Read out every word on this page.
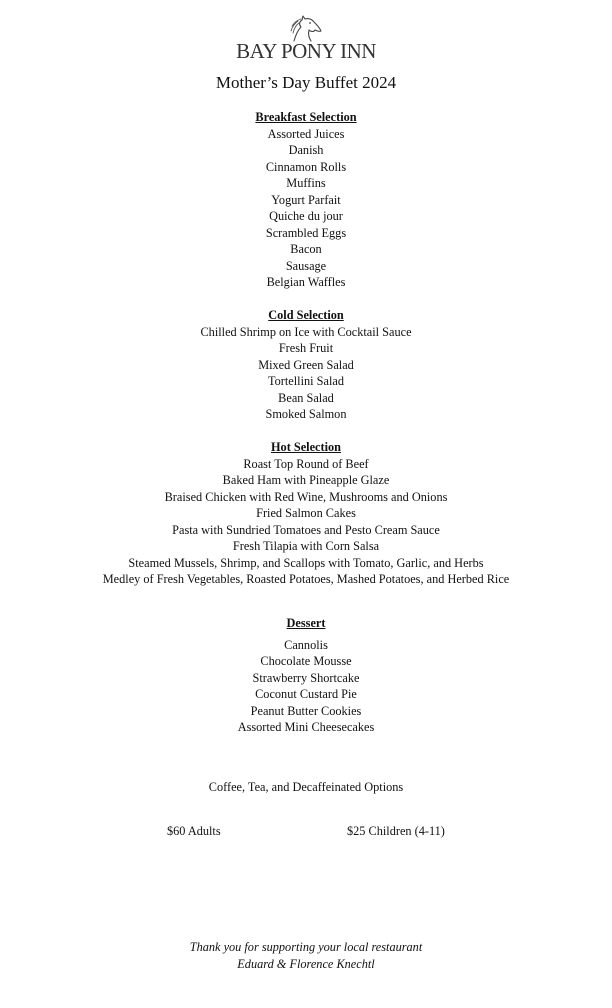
BAY PONY INN
Mother’s Day Buffet 2024
Breakfast Selection
Assorted Juices
Danish
Cinnamon Rolls
Muffins
Yogurt Parfait
Quiche du jour
Scrambled Eggs
Bacon
Sausage
Belgian Waffles
Cold Selection
Chilled Shrimp on Ice with Cocktail Sauce
Fresh Fruit
Mixed Green Salad
Tortellini Salad
Bean Salad
Smoked Salmon
Hot Selection
Roast Top Round of Beef
Baked Ham with Pineapple Glaze
Braised Chicken with Red Wine, Mushrooms and Onions
Fried Salmon Cakes
Pasta with Sundried Tomatoes and Pesto Cream Sauce
Fresh Tilapia with Corn Salsa
Steamed Mussels, Shrimp, and Scallops with Tomato, Garlic, and Herbs
Medley of Fresh Vegetables, Roasted Potatoes, Mashed Potatoes, and Herbed Rice
Dessert
Cannolis
Chocolate Mousse
Strawberry Shortcake
Coconut Custard Pie
Peanut Butter Cookies
Assorted Mini Cheesecakes
Coffee, Tea, and Decaffeinated Options
$60 Adults	$25 Children (4-11)
Thank you for supporting your local restaurant
Eduard & Florence Knechtl
